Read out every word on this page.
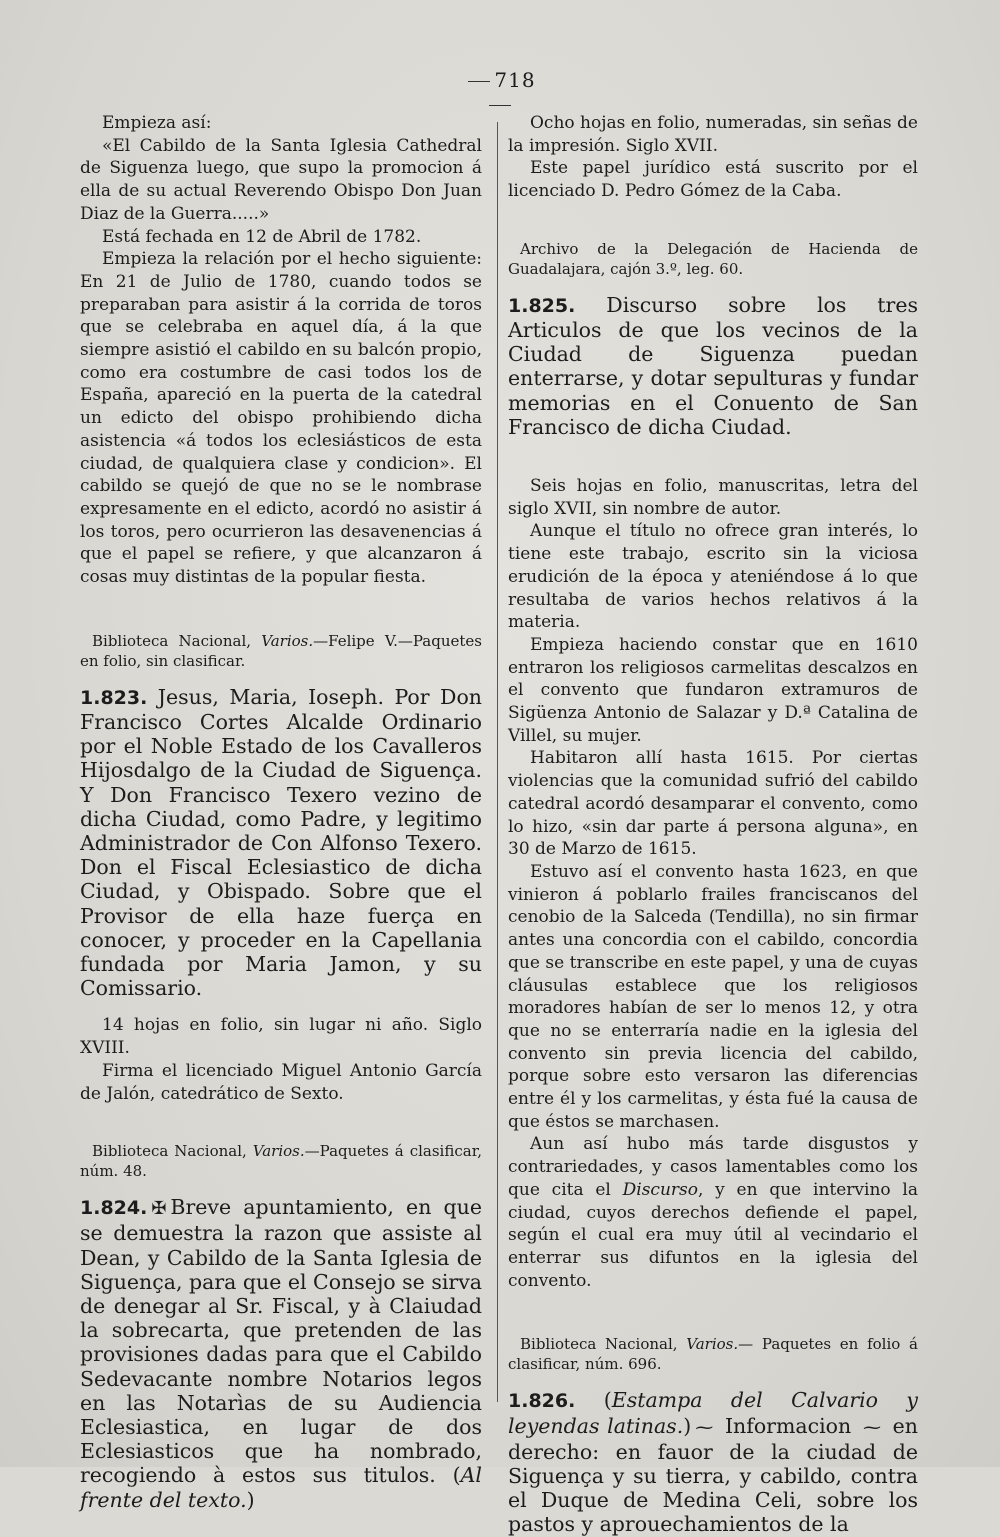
718

Empieza así:

«El Cabildo de la Santa Iglesia Cathedral de Siguenza luego, que supo la promocion á ella de su actual Reverendo Obispo Don Juan Diaz de la Guerra.....»

Está fechada en 12 de Abril de 1782.

Empieza la relación por el hecho siguiente: En 21 de Julio de 1780, cuando todos se preparaban para asistir á la corrida de toros que se celebraba en aquel día, á la que siempre asistió el cabildo en su balcón propio, como era costumbre de casi todos los de España, apareció en la puerta de la catedral un edicto del obispo prohibiendo dicha asistencia «á todos los eclesiásticos de esta ciudad, de qualquiera clase y condicion». El cabildo se quejó de que no se le nombrase expresamente en el edicto, acordó no asistir á los toros, pero ocurrieron las desavenencias á que el papel se refiere, y que alcanzaron á cosas muy distintas de la popular fiesta.

Biblioteca Nacional, Varios.—Felipe V.—Paquetes en folio, sin clasificar.

1.823. Jesus, Maria, Ioseph. Por Don Francisco Cortes Alcalde Ordinario por el Noble Estado de los Cavalleros Hijosdalgo de la Ciudad de Siguença. Y Don Francisco Texero vezino de dicha Ciudad, como Padre, y legitimo Administrador de Con Alfonso Texero. Don el Fiscal Eclesiastico de dicha Ciudad, y Obispado. Sobre que el Provisor de ella haze fuerça en conocer, y proceder en la Capellania fundada por Maria Jamon, y su Comissario.

14 hojas en folio, sin lugar ni año. Siglo XVIII.

Firma el licenciado Miguel Antonio García de Jalón, catedrático de Sexto.

Biblioteca Nacional, Varios.—Paquetes á clasificar, núm. 48.

1.824. ✠ Breve apuntamiento, en que se demuestra la razon que assiste al Dean, y Cabildo de la Santa Iglesia de Siguença, para que el Consejo se sirva de denegar al Sr. Fiscal, y à Claiudad la sobrecarta, que pretenden de las provisiones dadas para que el Cabildo Sedevacante nombre Notarios legos en las Notarìas de su Audiencia Eclesiastica, en lugar de dos Eclesiasticos que ha nombrado, recogiendo à estos sus titulos. (Al frente del texto.)

Ocho hojas en folio, numeradas, sin señas de la impresión. Siglo XVII.

Este papel jurídico está suscrito por el licenciado D. Pedro Gómez de la Caba.

Archivo de la Delegación de Hacienda de Guadalajara, cajón 3.º, leg. 60.

1.825. Discurso sobre los tres Articulos de que los vecinos de la Ciudad de Siguenza puedan enterrarse, y dotar sepulturas y fundar memorias en el Conuento de San Francisco de dicha Ciudad.

Seis hojas en folio, manuscritas, letra del siglo XVII, sin nombre de autor.

Aunque el título no ofrece gran interés, lo tiene este trabajo, escrito sin la viciosa erudición de la época y ateniéndose á lo que resultaba de varios hechos relativos á la materia.

Empieza haciendo constar que en 1610 entraron los religiosos carmelitas descalzos en el convento que fundaron extramuros de Sigüenza Antonio de Salazar y D.ª Catalina de Villel, su mujer.

Habitaron allí hasta 1615. Por ciertas violencias que la comunidad sufrió del cabildo catedral acordó desamparar el convento, como lo hizo, «sin dar parte á persona alguna», en 30 de Marzo de 1615.

Estuvo así el convento hasta 1623, en que vinieron á poblarlo frailes franciscanos del cenobio de la Salceda (Tendilla), no sin firmar antes una concordia con el cabildo, concordia que se transcribe en este papel, y una de cuyas cláusulas establece que los religiosos moradores habían de ser lo menos 12, y otra que no se enterraría nadie en la iglesia del convento sin previa licencia del cabildo, porque sobre esto versaron las diferencias entre él y los carmelitas, y ésta fué la causa de que éstos se marchasen.

Aun así hubo más tarde disgustos y contrariedades, y casos lamentables como los que cita el Discurso, y en que intervino la ciudad, cuyos derechos defiende el papel, según el cual era muy útil al vecindario el enterrar sus difuntos en la iglesia del convento.

Biblioteca Nacional, Varios.— Paquetes en folio á clasificar, núm. 696.

1.826. (Estampa del Calvario y leyendas latinas.) ⁓ Informacion ⁓ en derecho: en fauor de la ciudad de Siguença y su tierra, y cabildo, contra el Duque de Medina Celi, sobre los pastos y aprouechamientos de la
